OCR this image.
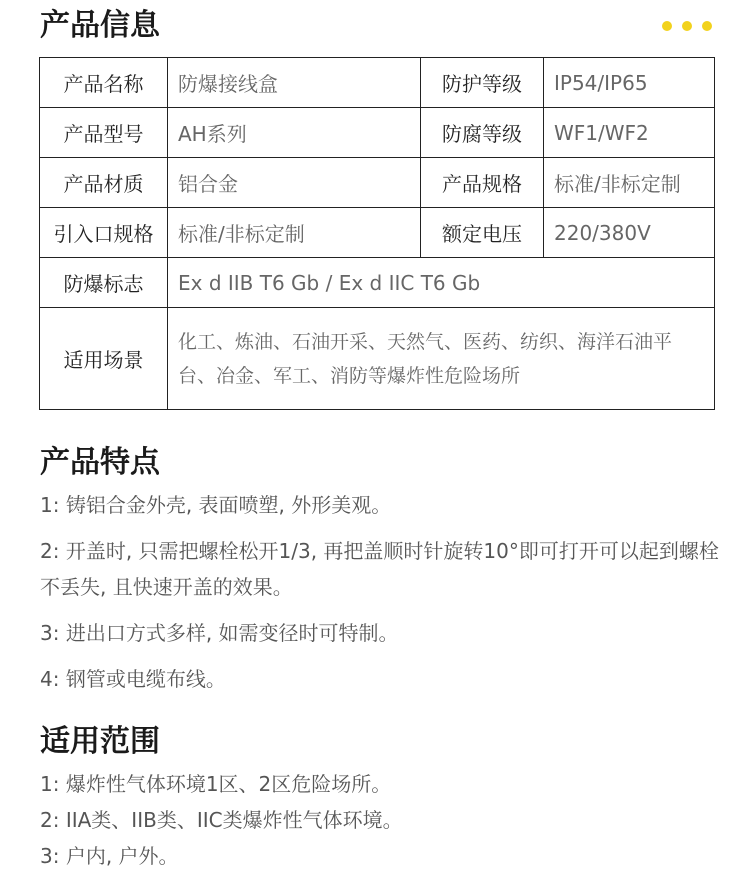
产品信息
产品名称	防爆接线盒	防护等级	IP54/IP65
产品型号	AH系列	防腐等级	WF1/WF2
产品材质	铝合金	产品规格	标准/非标定制
引入口规格	标准/非标定制	额定电压	220/380V
防爆标志	Ex d IIB T6 Gb / Ex d IIC T6 Gb		
适用场景	化工、炼油、石油开采、天然气、医药、纺织、海洋石油平台、冶金、军工、消防等爆炸性危险场所		
产品特点
1: 铸铝合金外壳, 表面喷塑, 外形美观。
2: 开盖时, 只需把螺栓松开1/3, 再把盖顺时针旋转10°即可打开可以起到螺栓不丢失, 且快速开盖的效果。
3: 进出口方式多样, 如需变径时可特制。
4: 钢管或电缆布线。
适用范围
1: 爆炸性气体环境1区、2区危险场所。
2: IIA类、IIB类、IIC类爆炸性气体环境。
3: 户内, 户外。
